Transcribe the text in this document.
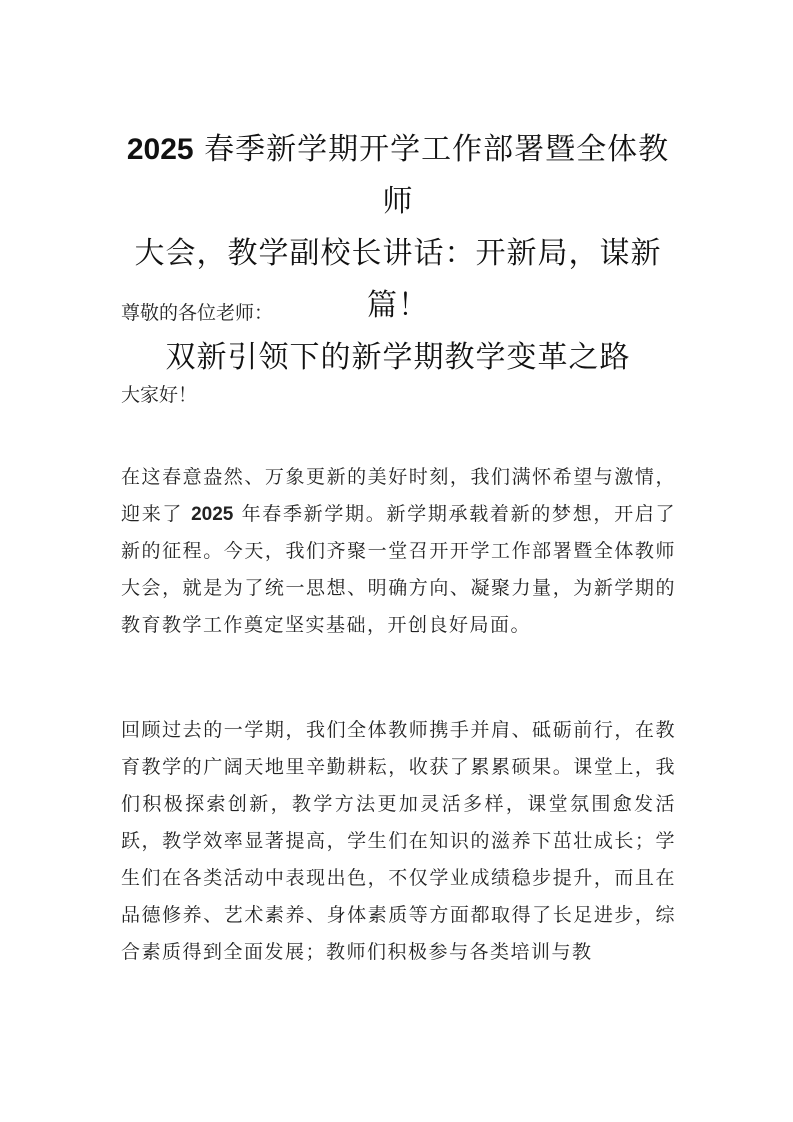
2025 春季新学期开学工作部署暨全体教师
大会，教学副校长讲话：开新局，谋新篇！
双新引领下的新学期教学变革之路

尊敬的各位老师：

大家好！

在这春意盎然、万象更新的美好时刻，我们满怀希望与激情，迎来了 2025 年春季新学期。新学期承载着新的梦想，开启了新的征程。今天，我们齐聚一堂召开开学工作部署暨全体教师大会，就是为了统一思想、明确方向、凝聚力量，为新学期的教育教学工作奠定坚实基础，开创良好局面。

回顾过去的一学期，我们全体教师携手并肩、砥砺前行，在教育教学的广阔天地里辛勤耕耘，收获了累累硕果。课堂上，我们积极探索创新，教学方法更加灵活多样，课堂氛围愈发活跃，教学效率显著提高，学生们在知识的滋养下茁壮成长；学生们在各类活动中表现出色，不仅学业成绩稳步提升，而且在品德修养、艺术素养、身体素质等方面都取得了长足进步，综合素质得到全面发展；教师们积极参与各类培训与教
